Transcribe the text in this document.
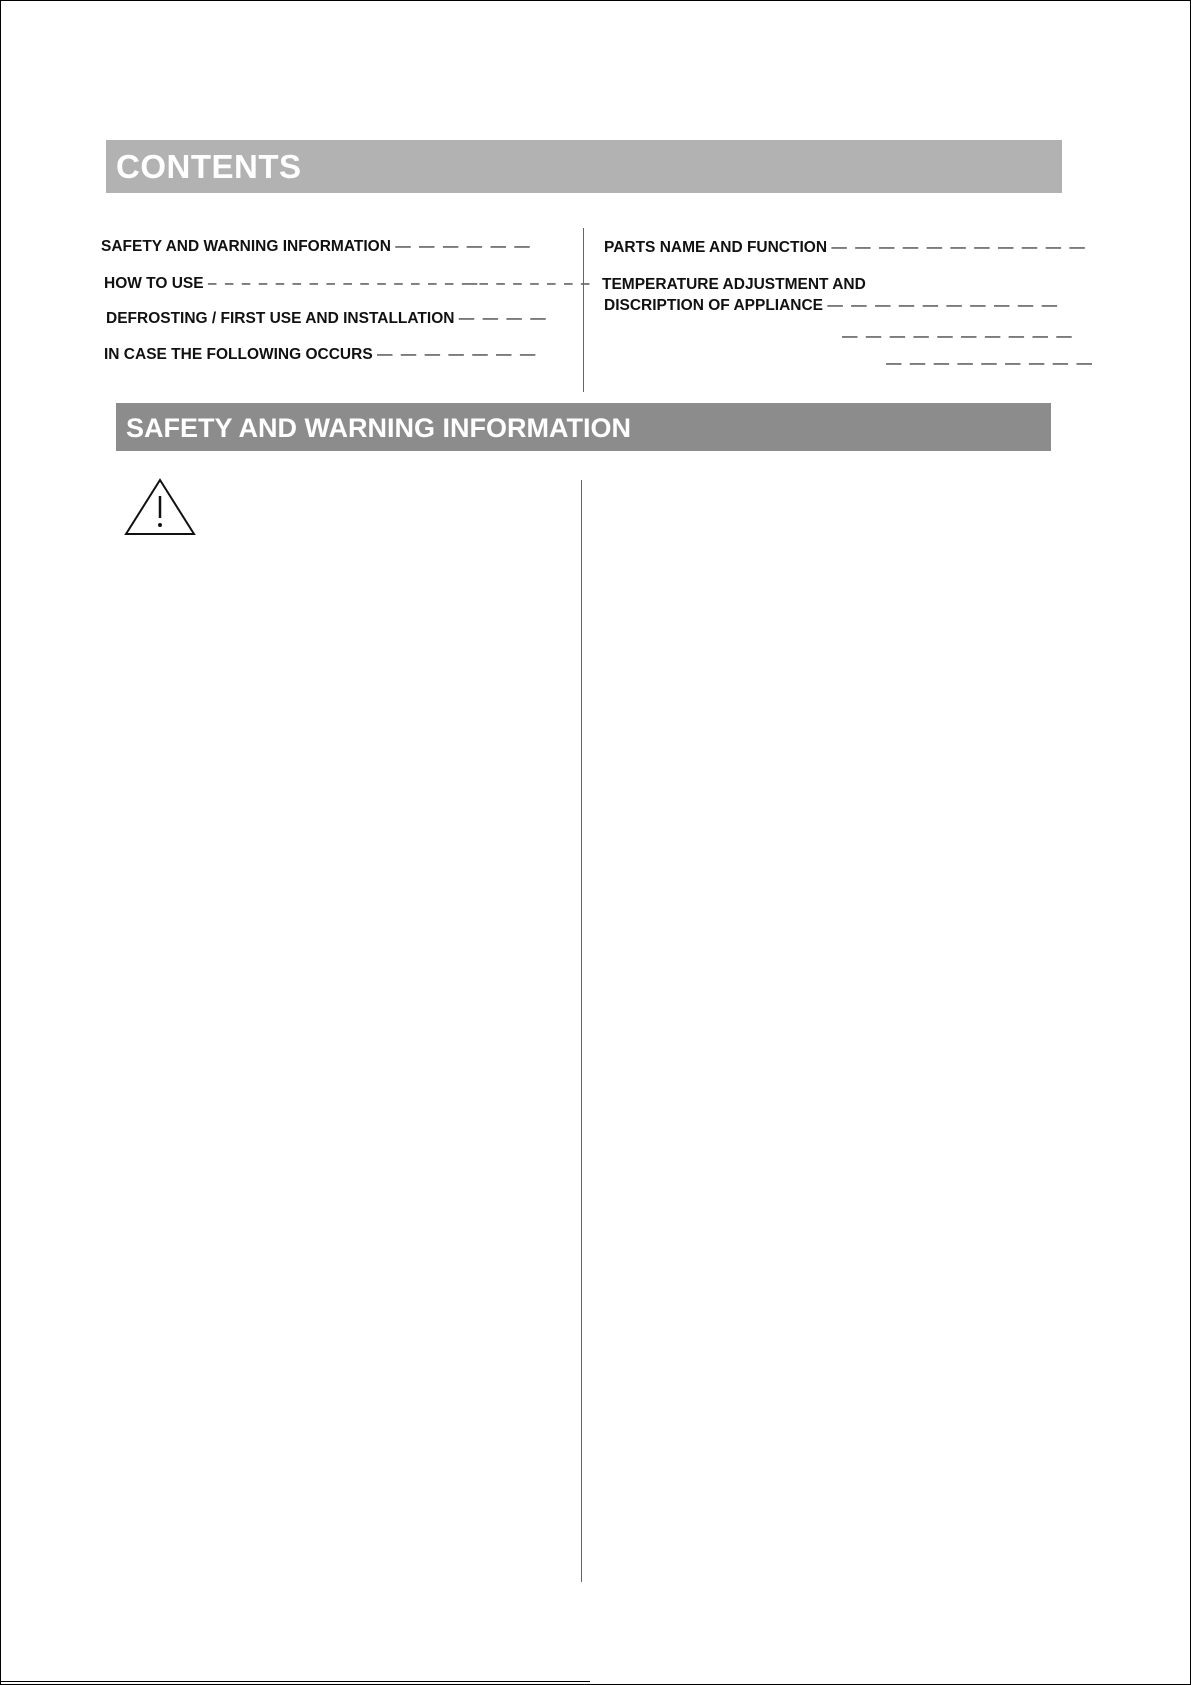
CONTENTS
SAFETY AND WARNING INFORMATION — — — — — —
HOW TO USE – – – – – – – – – – – – – – – —– – – – – – –
DEFROSTING / FIRST USE AND INSTALLATION — — — —
IN CASE THE FOLLOWING OCCURS — — — — — — —
PARTS NAME AND FUNCTION — — — — — — — — — — —
TEMPERATURE ADJUSTMENT AND
DISCRIPTION OF APPLIANCE — — — — — — — — — —
— — — — — — — — — —
— — — — — — — — —
SAFETY AND WARNING INFORMATION
